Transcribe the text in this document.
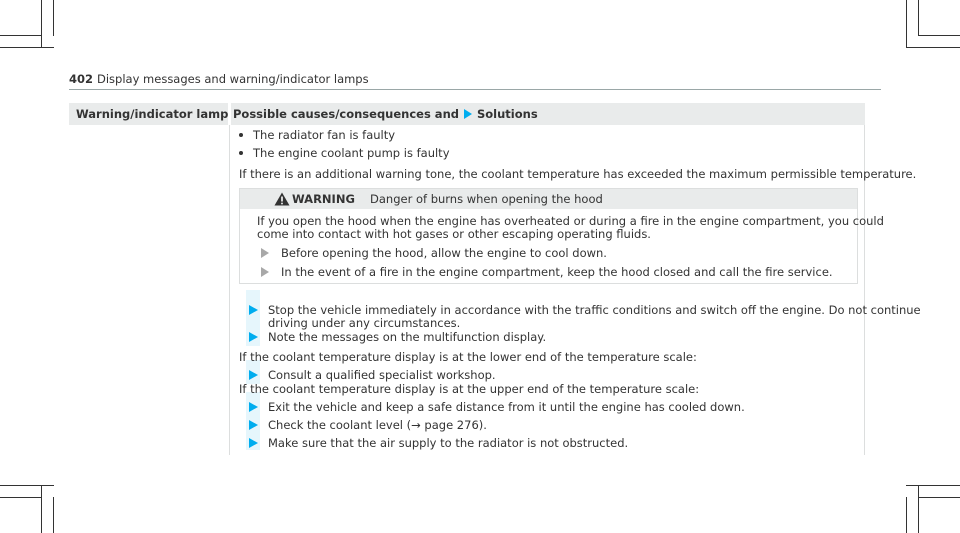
402 Display messages and warning/indicator lamps
Warning/indicator lamp Possible causes/consequences and Solutions
The radiator fan is faulty
The engine coolant pump is faulty
If there is an additional warning tone, the coolant temperature has exceeded the maximum permissible temperature.
WARNING Danger of burns when opening the hood
If you open the hood when the engine has overheated or during a fire in the engine compartment, you could
come into contact with hot gases or other escaping operating fluids.
Before opening the hood, allow the engine to cool down.
In the event of a fire in the engine compartment, keep the hood closed and call the fire service.
Stop the vehicle immediately in accordance with the traffic conditions and switch off the engine. Do not continue
driving under any circumstances.
Note the messages on the multifunction display.
If the coolant temperature display is at the lower end of the temperature scale:
Consult a qualified specialist workshop.
If the coolant temperature display is at the upper end of the temperature scale:
Exit the vehicle and keep a safe distance from it until the engine has cooled down.
Check the coolant level (→ page 276).
Make sure that the air supply to the radiator is not obstructed.
